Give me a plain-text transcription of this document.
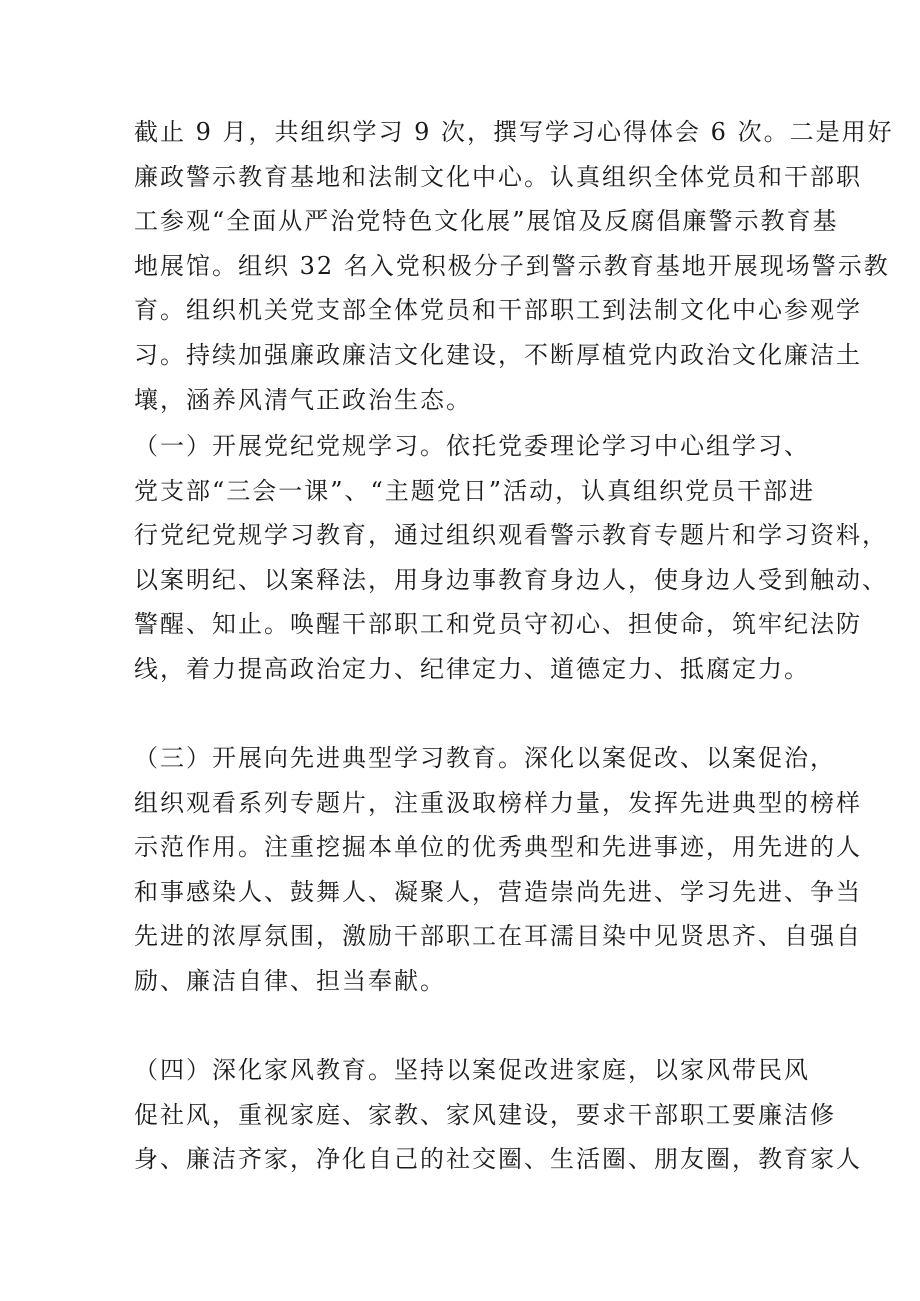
截止 9 月，共组织学习 9 次，撰写学习心得体会 6 次。二是用好
廉政警示教育基地和法制文化中心。认真组织全体党员和干部职
工参观“全面从严治党特色文化展”展馆及反腐倡廉警示教育基
地展馆。组织 32 名入党积极分子到警示教育基地开展现场警示教
育。组织机关党支部全体党员和干部职工到法制文化中心参观学
习。持续加强廉政廉洁文化建设，不断厚植党内政治文化廉洁土
壤，涵养风清气正政治生态。
（一）开展党纪党规学习。依托党委理论学习中心组学习、
党支部“三会一课”、“主题党日”活动，认真组织党员干部进
行党纪党规学习教育，通过组织观看警示教育专题片和学习资料，
以案明纪、以案释法，用身边事教育身边人，使身边人受到触动、
警醒、知止。唤醒干部职工和党员守初心、担使命，筑牢纪法防
线，着力提高政治定力、纪律定力、道德定力、抵腐定力。
（三）开展向先进典型学习教育。深化以案促改、以案促治，
组织观看系列专题片，注重汲取榜样力量，发挥先进典型的榜样
示范作用。注重挖掘本单位的优秀典型和先进事迹，用先进的人
和事感染人、鼓舞人、凝聚人，营造崇尚先进、学习先进、争当
先进的浓厚氛围，激励干部职工在耳濡目染中见贤思齐、自强自
励、廉洁自律、担当奉献。
（四）深化家风教育。坚持以案促改进家庭，以家风带民风
促社风，重视家庭、家教、家风建设，要求干部职工要廉洁修
身、廉洁齐家，净化自己的社交圈、生活圈、朋友圈，教育家人
